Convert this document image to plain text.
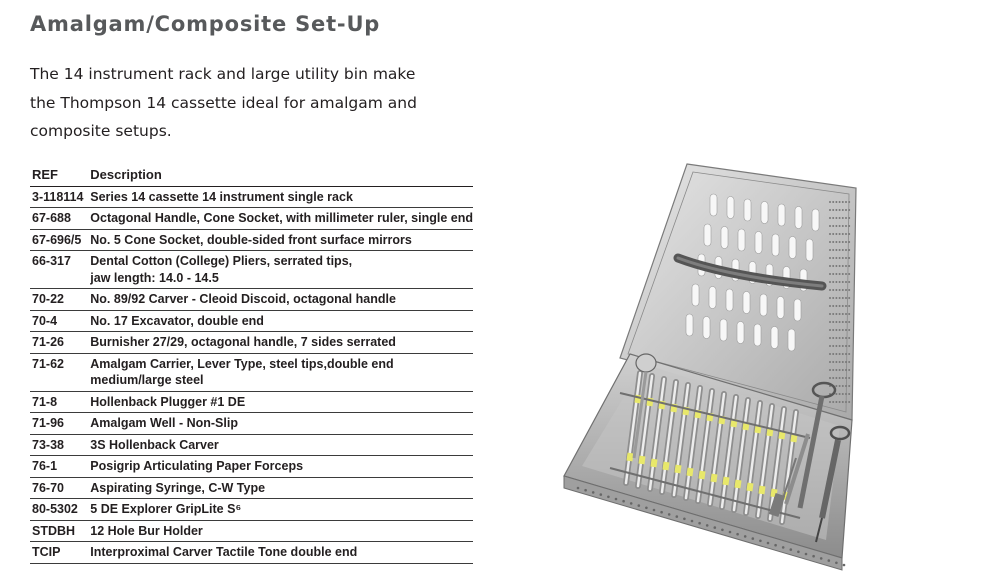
Amalgam/Composite Set-Up
The 14 instrument rack and large utility bin make
the Thompson 14 cassette ideal for amalgam and
composite setups.
REF	Description
3-118114	Series 14 cassette 14 instrument single rack

67-688	Octagonal Handle, Cone Socket, with millimeter ruler, single end

67-696/5	No. 5 Cone Socket, double-sided front surface mirrors

66-317	Dental Cotton (College) Pliers, serrated tips,
jaw length: 14.0 - 14.5

70-22	No. 89/92 Carver - Cleoid Discoid, octagonal handle

70-4	No. 17 Excavator, double end

71-26	Burnisher 27/29, octagonal handle, 7 sides serrated

71-62	Amalgam Carrier, Lever Type, steel tips,double end
medium/large steel

71-8	Hollenback Plugger #1 DE

71-96	Amalgam Well - Non-Slip

73-38	3S Hollenback Carver

76-1	Posigrip Articulating Paper Forceps

76-70	Aspirating Syringe, C-W Type

80-5302	5 DE Explorer GripLite S⁶

STDBH	12 Hole Bur Holder

TCIP	Interproximal Carver Tactile Tone double end
